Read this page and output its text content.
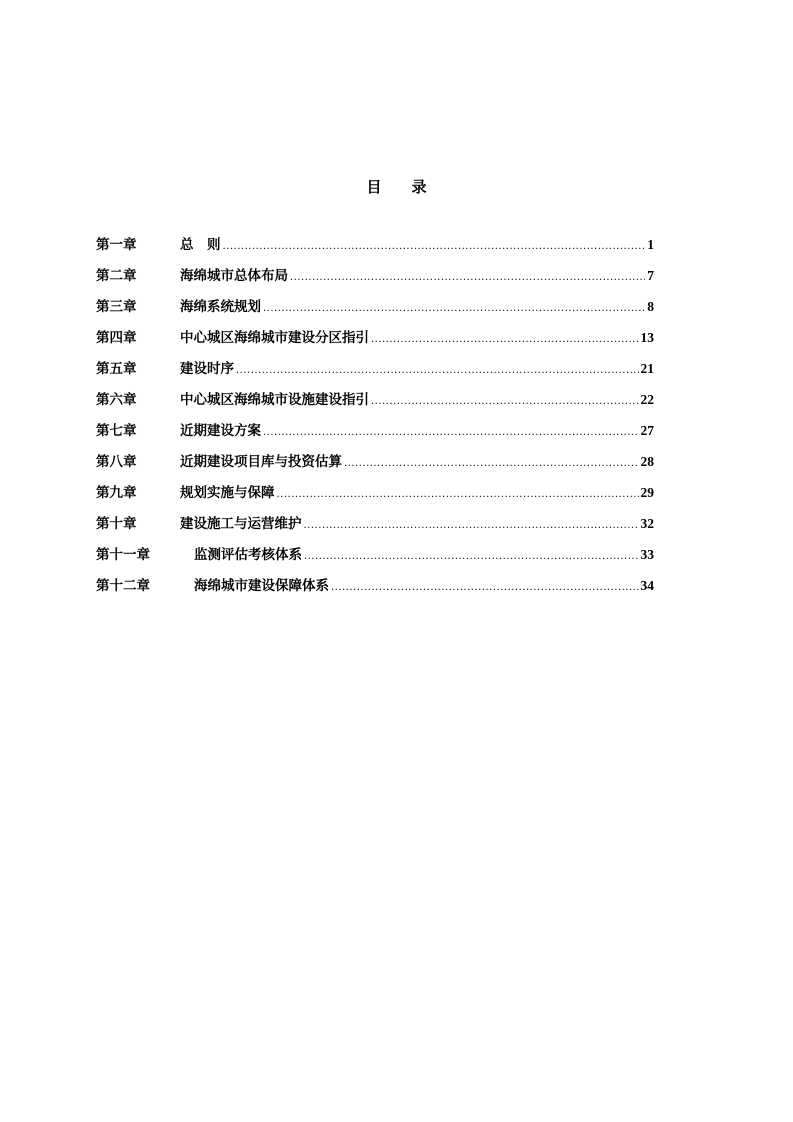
目　　录
第一章	总　则 .....	1
第二章	海绵城市总体布局 .....	7
第三章	海绵系统规划 .....	8
第四章	中心城区海绵城市建设分区指引 .....	13
第五章	建设时序 .....	21
第六章	中心城区海绵城市设施建设指引 .....	22
第七章	近期建设方案 .....	27
第八章	近期建设项目库与投资估算 .....	28
第九章	规划实施与保障 .....	29
第十章	建设施工与运营维护 .....	32
第十一章	监测评估考核体系 .....	33
第十二章	海绵城市建设保障体系 .....	34
